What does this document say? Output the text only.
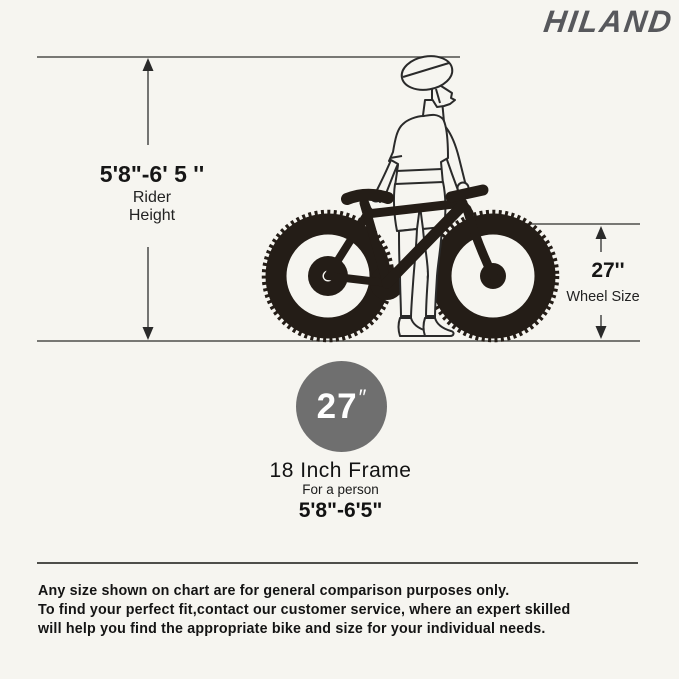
HILAND
5'8"-6' 5 ''
Rider
Height
27''
Wheel Size
27 ″
18 Inch Frame
For a person
5'8"-6'5"
Any size shown on chart are for general comparison purposes only.
To find your perfect fit,contact our customer service, where an expert skilled
will help you find the appropriate bike and size for your individual needs.
